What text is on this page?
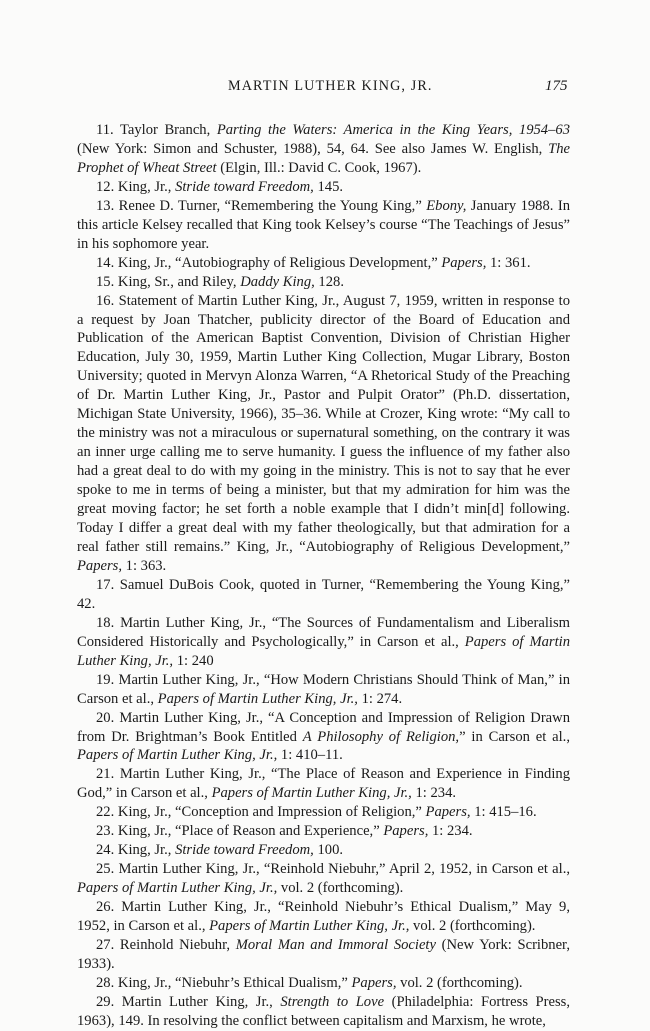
MARTIN LUTHER KING, JR.	175

11. Taylor Branch, Parting the Waters: America in the King Years, 1954–63 (New York: Simon and Schuster, 1988), 54, 64. See also James W. English, The Prophet of Wheat Street (Elgin, Ill.: David C. Cook, 1967).

12. King, Jr., Stride toward Freedom, 145.

13. Renee D. Turner, “Remembering the Young King,” Ebony, January 1988. In this article Kelsey recalled that King took Kelsey’s course “The Teachings of Jesus” in his sophomore year.

14. King, Jr., “Autobiography of Religious Development,” Papers, 1: 361.

15. King, Sr., and Riley, Daddy King, 128.

16. Statement of Martin Luther King, Jr., August 7, 1959, written in response to a request by Joan Thatcher, publicity director of the Board of Education and Publication of the American Baptist Convention, Division of Christian Higher Education, July 30, 1959, Martin Luther King Collection, Mugar Library, Boston University; quoted in Mervyn Alonza Warren, “A Rhetorical Study of the Preaching of Dr. Martin Luther King, Jr., Pastor and Pulpit Orator” (Ph.D. dissertation, Michigan State University, 1966), 35–36. While at Crozer, King wrote: “My call to the ministry was not a miraculous or supernatural something, on the contrary it was an inner urge calling me to serve humanity. I guess the influence of my father also had a great deal to do with my going in the ministry. This is not to say that he ever spoke to me in terms of being a minister, but that my admiration for him was the great moving factor; he set forth a noble example that I didn’t min[d] following. Today I differ a great deal with my father theologically, but that admiration for a real father still remains.” King, Jr., “Autobiography of Religious Development,” Papers, 1: 363.

17. Samuel DuBois Cook, quoted in Turner, “Remembering the Young King,” 42.

18. Martin Luther King, Jr., “The Sources of Fundamentalism and Liberalism Considered Historically and Psychologically,” in Carson et al., Papers of Martin Luther King, Jr., 1: 240

19. Martin Luther King, Jr., “How Modern Christians Should Think of Man,” in Carson et al., Papers of Martin Luther King, Jr., 1: 274.

20. Martin Luther King, Jr., “A Conception and Impression of Religion Drawn from Dr. Brightman’s Book Entitled A Philosophy of Religion,” in Carson et al., Papers of Martin Luther King, Jr., 1: 410–11.

21. Martin Luther King, Jr., “The Place of Reason and Experience in Finding God,” in Carson et al., Papers of Martin Luther King, Jr., 1: 234.

22. King, Jr., “Conception and Impression of Religion,” Papers, 1: 415–16.

23. King, Jr., “Place of Reason and Experience,” Papers, 1: 234.

24. King, Jr., Stride toward Freedom, 100.

25. Martin Luther King, Jr., “Reinhold Niebuhr,” April 2, 1952, in Carson et al., Papers of Martin Luther King, Jr., vol. 2 (forthcoming).

26. Martin Luther King, Jr., “Reinhold Niebuhr’s Ethical Dualism,” May 9, 1952, in Carson et al., Papers of Martin Luther King, Jr., vol. 2 (forthcoming).

27. Reinhold Niebuhr, Moral Man and Immoral Society (New York: Scribner, 1933).

28. King, Jr., “Niebuhr’s Ethical Dualism,” Papers, vol. 2 (forthcoming).

29. Martin Luther King, Jr., Strength to Love (Philadelphia: Fortress Press, 1963), 149. In resolving the conflict between capitalism and Marxism, he wrote,
